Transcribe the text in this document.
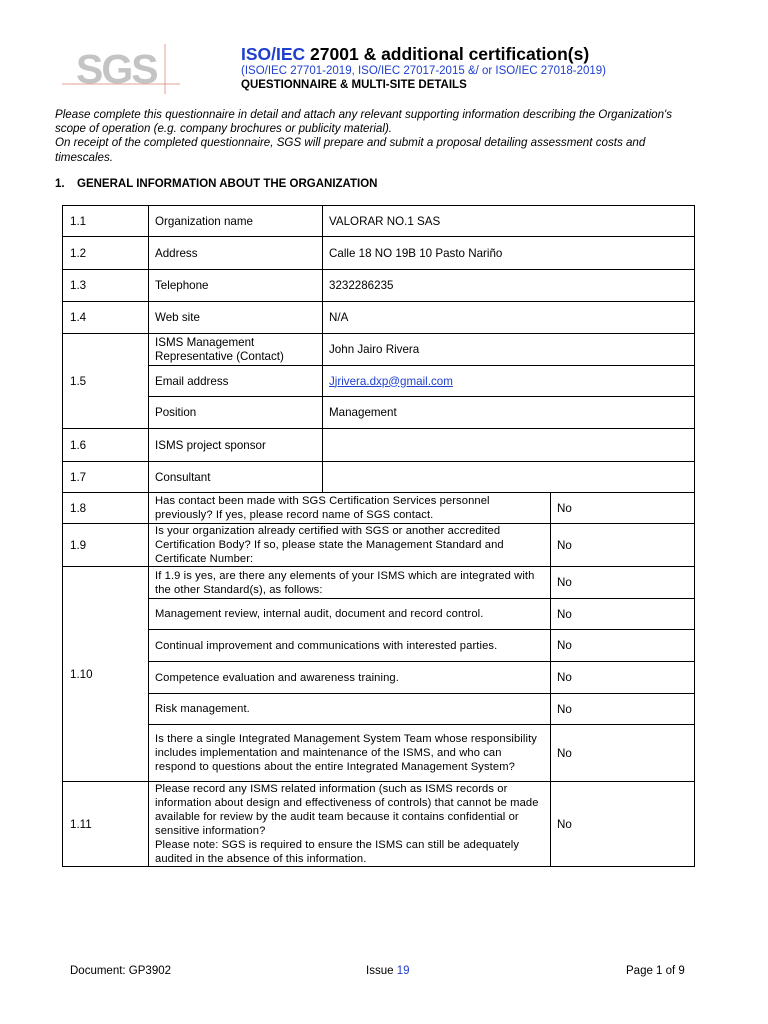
SGS	ISO/IEC 27001 & additional certification(s)
(ISO/IEC 27701-2019, ISO/IEC 27017-2015 &/ or ISO/IEC 27018-2019)
QUESTIONNAIRE & MULTI-SITE DETAILS

Please complete this questionnaire in detail and attach any relevant supporting information describing the Organization's scope of operation (e.g. company brochures or publicity material).

On receipt of the completed questionnaire, SGS will prepare and submit a proposal detailing assessment costs and timescales.

1. GENERAL INFORMATION ABOUT THE ORGANIZATION
1.1	Organization name	VALORAR NO.1 SAS	
1.2	Address	Calle 18 NO 19B 10 Pasto Nariño	
1.3	Telephone	3232286235	
1.4	Web site	N/A	
1.5	ISMS Management Representative (Contact)	John Jairo Rivera	
	Email address	Jjrivera.dxp@gmail.com	
	Position	Management	
1.6	ISMS project sponsor		
1.7	Consultant		
1.8	Has contact been made with SGS Certification Services personnel previously? If yes, please record name of SGS contact.		No
1.9	Is your organization already certified with SGS or another accredited Certification Body? If so, please state the Management Standard and Certificate Number:		No
1.10	If 1.9 is yes, are there any elements of your ISMS which are integrated with the other Standard(s), as follows:		No
	Management review, internal audit, document and record control.		No
	Continual improvement and communications with interested parties.		No
	Competence evaluation and awareness training.		No
	Risk management.		No
	Is there a single Integrated Management System Team whose responsibility includes implementation and maintenance of the ISMS, and who can respond to questions about the entire Integrated Management System?		No
1.11	Please record any ISMS related information (such as ISMS records or information about design and effectiveness of controls) that cannot be made available for review by the audit team because it contains confidential or sensitive information?
Please note: SGS is required to ensure the ISMS can still be adequately audited in the absence of this information.		No
Document: GP3902	Issue 19	Page 1 of 9
